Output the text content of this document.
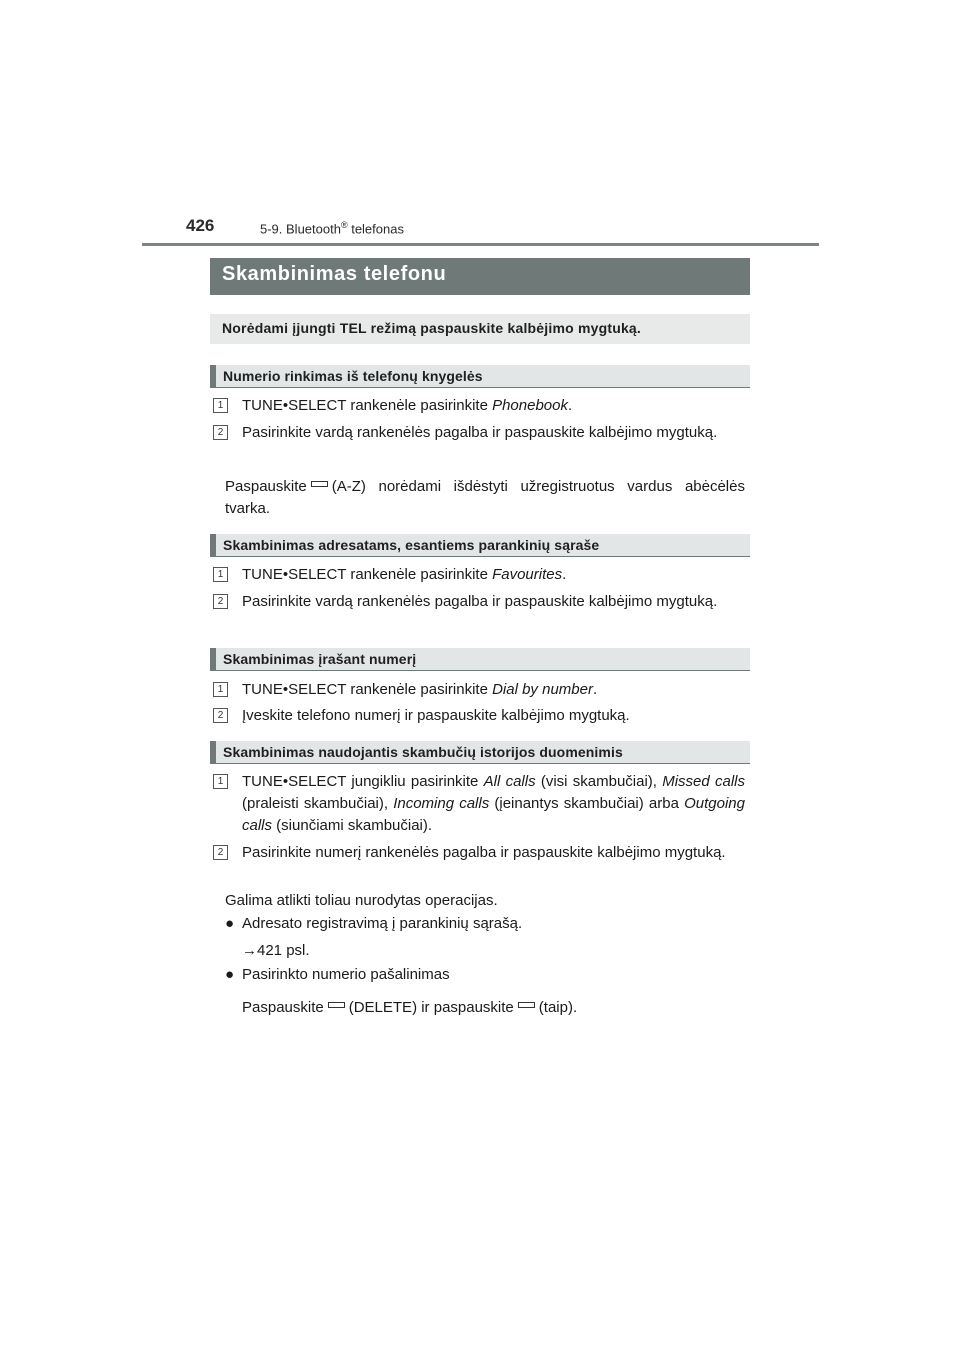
426	5-9. Bluetooth® telefonas
Skambinimas telefonu
Norėdami įjungti TEL režimą paspauskite kalbėjimo mygtuką.
Numerio rinkimas iš telefonų knygelės
1	TUNE•SELECT rankenėle pasirinkite Phonebook.
2	Pasirinkite vardą rankenėlės pagalba ir paspauskite kalbėjimo mygtuką.
Paspauskite (A-Z) norėdami išdėstyti užregistruotus vardus abėcėlės tvarka.
Skambinimas adresatams, esantiems parankinių sąraše
1	TUNE•SELECT rankenėle pasirinkite Favourites.
2	Pasirinkite vardą rankenėlės pagalba ir paspauskite kalbėjimo mygtuką.
Skambinimas įrašant numerį
1	TUNE•SELECT rankenėle pasirinkite Dial by number.
2	Įveskite telefono numerį ir paspauskite kalbėjimo mygtuką.
Skambinimas naudojantis skambučių istorijos duomenimis
1	TUNE•SELECT jungikliu pasirinkite All calls (visi skambučiai), Missed calls (praleisti skambučiai), Incoming calls (įeinantys skambučiai) arba Outgoing calls (siunčiami skambučiai).
2	Pasirinkite numerį rankenėlės pagalba ir paspauskite kalbėjimo mygtuką.
Galima atlikti toliau nurodytas operacijas.
● Adresato registravimą į parankinių sąrašą.
→421 psl.
● Pasirinkto numerio pašalinimas
Paspauskite (DELETE) ir paspauskite (taip).
